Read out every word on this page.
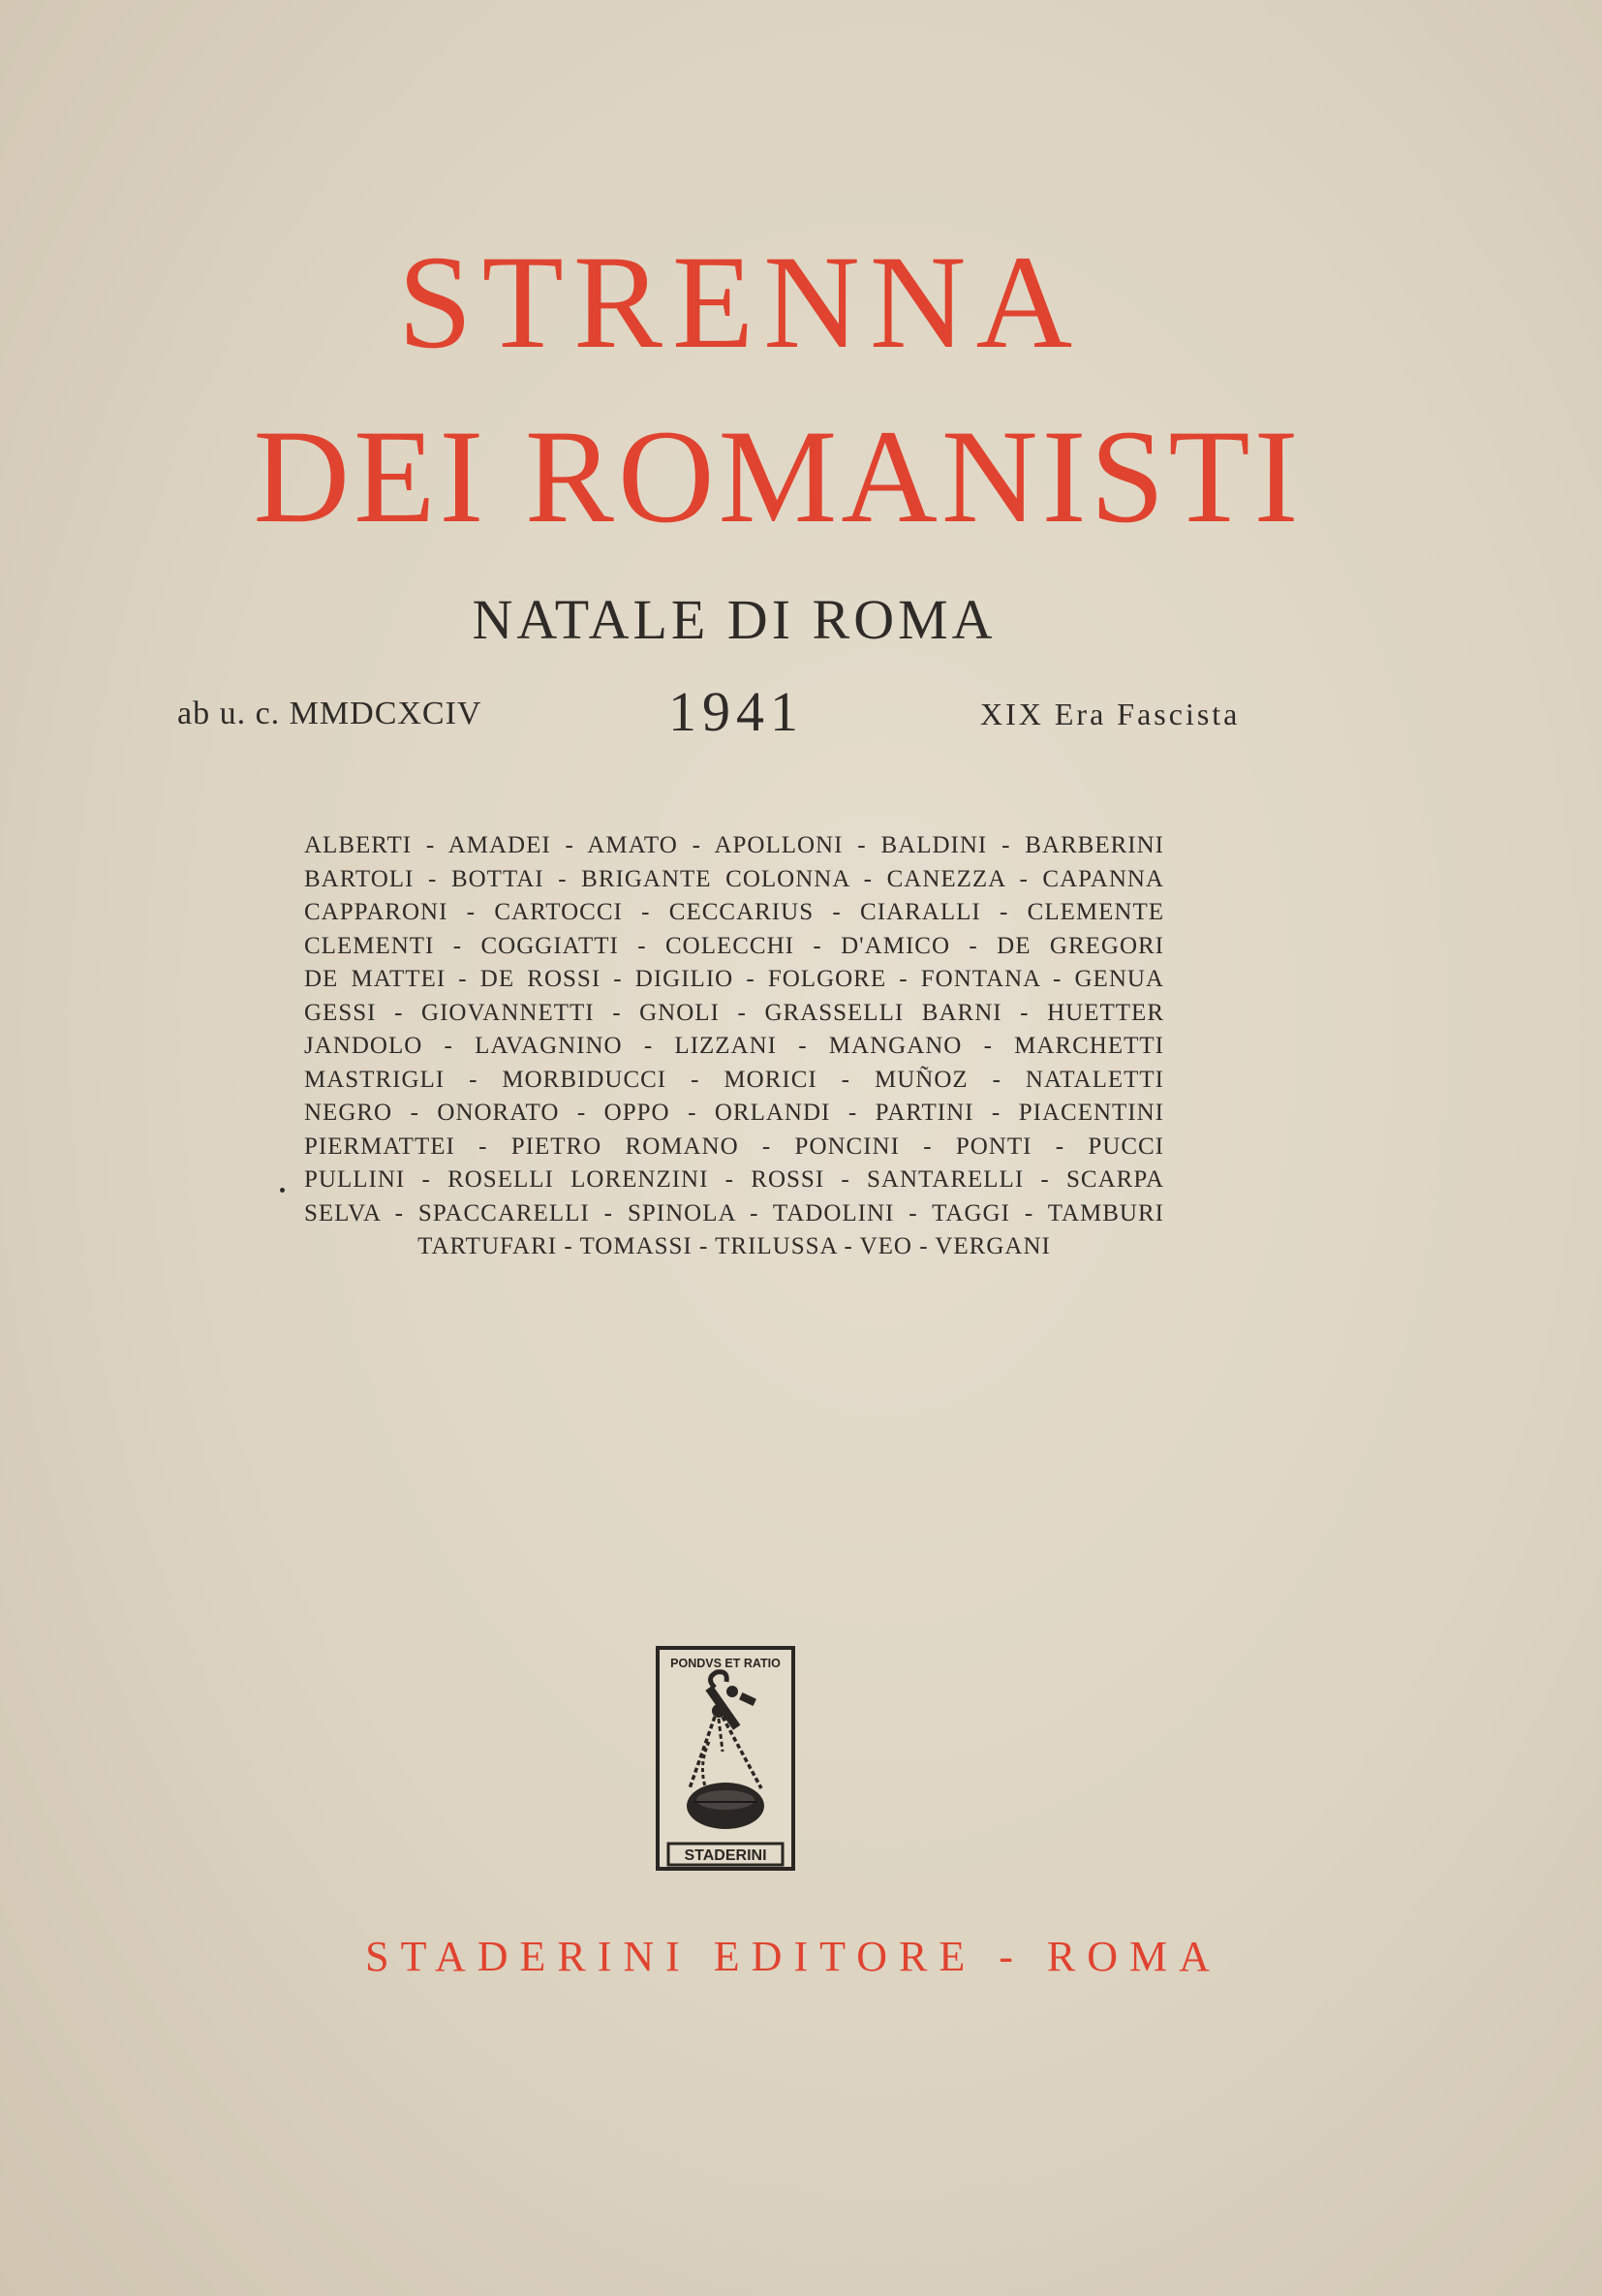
STRENNA
DEI ROMANISTI
NATALE DI ROMA
ab u. c. MMDCXCIV	1941	XIX Era Fascista
ALBERTI - AMADEI - AMATO - APOLLONI - BALDINI - BARBERINI
BARTOLI - BOTTAI - BRIGANTE COLONNA - CANEZZA - CAPANNA
CAPPARONI - CARTOCCI - CECCARIUS - CIARALLI - CLEMENTE
CLEMENTI - COGGIATTI - COLECCHI - D'AMICO - DE GREGORI
DE MATTEI - DE ROSSI - DIGILIO - FOLGORE - FONTANA - GENUA
GESSI - GIOVANNETTI - GNOLI - GRASSELLI BARNI - HUETTER
JANDOLO - LAVAGNINO - LIZZANI - MANGANO - MARCHETTI
MASTRIGLI - MORBIDUCCI - MORICI - MUÑOZ - NATALETTI
NEGRO - ONORATO - OPPO - ORLANDI - PARTINI - PIACENTINI
PIERMATTEI - PIETRO ROMANO - PONCINI - PONTI - PUCCI
PULLINI - ROSELLI LORENZINI - ROSSI - SANTARELLI - SCARPA
SELVA - SPACCARELLI - SPINOLA - TADOLINI - TAGGI - TAMBURI
TARTUFARI - TOMASSI - TRILUSSA - VEO - VERGANI
PONDVS ET RATIO
STADERINI
STADERINI EDITORE - ROMA
